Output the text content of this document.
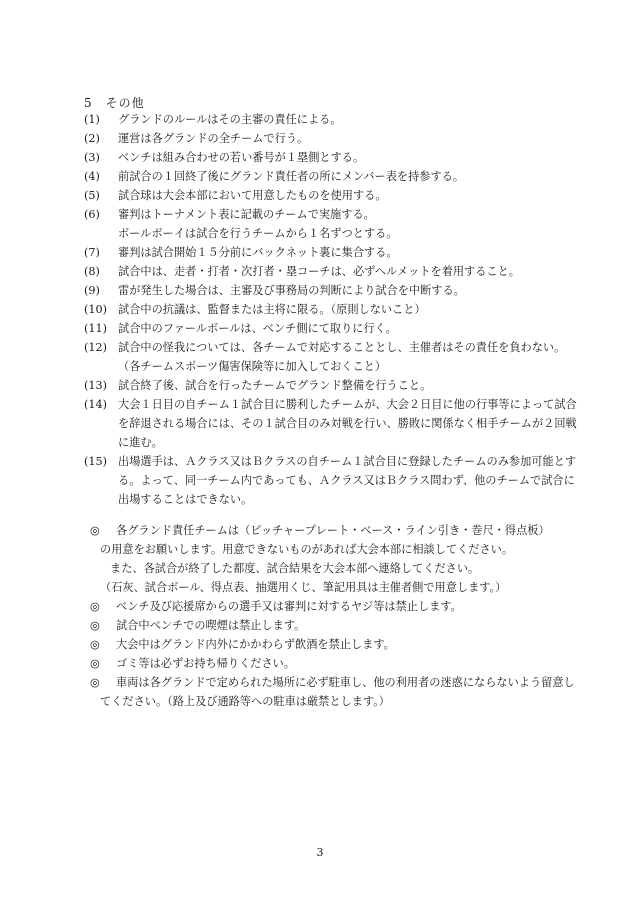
5　その他
(1)	グランドのルールはその主審の責任による。
(2)	運営は各グランドの全チームで行う。
(3)	ベンチは組み合わせの若い番号が１塁側とする。
(4)	前試合の１回終了後にグランド責任者の所にメンバー表を持参する。
(5)	試合球は大会本部において用意したものを使用する。
(6)	審判はトーナメント表に記載のチームで実施する。
ボールボーイは試合を行うチームから１名ずつとする。
(7)	審判は試合開始１５分前にバックネット裏に集合する。
(8)	試合中は、走者・打者・次打者・塁コーチは、必ずヘルメットを着用すること。
(9)	雷が発生した場合は、主審及び事務局の判断により試合を中断する。
(10) 試合中の抗議は、監督または主将に限る。（原則しないこと）
(11) 試合中のファールボールは、ベンチ側にて取りに行く。
(12) 試合中の怪我については、各チームで対応することとし、主催者はその責任を負わない。
（各チームスポーツ傷害保険等に加入しておくこと）
(13) 試合終了後、試合を行ったチームでグランド整備を行うこと。
(14) 大会１日目の自チーム１試合目に勝利したチームが、大会２日目に他の行事等によって試合を辞退される場合には、その１試合目のみ対戦を行い、勝敗に関係なく相手チームが２回戦に進む。
(15) 出場選手は、Ａクラス又はＢクラスの自チーム１試合目に登録したチームのみ参加可能とする。よって、同一チーム内であっても、Ａクラス又はＢクラス問わず、他のチームで試合に出場することはできない。
◎	各グランド責任チームは（ピッチャープレート・ベース・ライン引き・巻尺・得点板）
の用意をお願いします。用意できないものがあれば大会本部に相談してください。
また、各試合が終了した都度、試合結果を大会本部へ連絡してください。
（石灰、試合ボール、得点表、抽選用くじ、筆記用具は主催者側で用意します。）
◎	ベンチ及び応援席からの選手又は審判に対するヤジ等は禁止します。
◎	試合中ベンチでの喫煙は禁止します。
◎	大会中はグランド内外にかかわらず飲酒を禁止します。
◎	ゴミ等は必ずお持ち帰りください。
◎	車両は各グランドで定められた場所に必ず駐車し、他の利用者の迷惑にならないよう留意し
てください。（路上及び通路等への駐車は厳禁とします。）
3
